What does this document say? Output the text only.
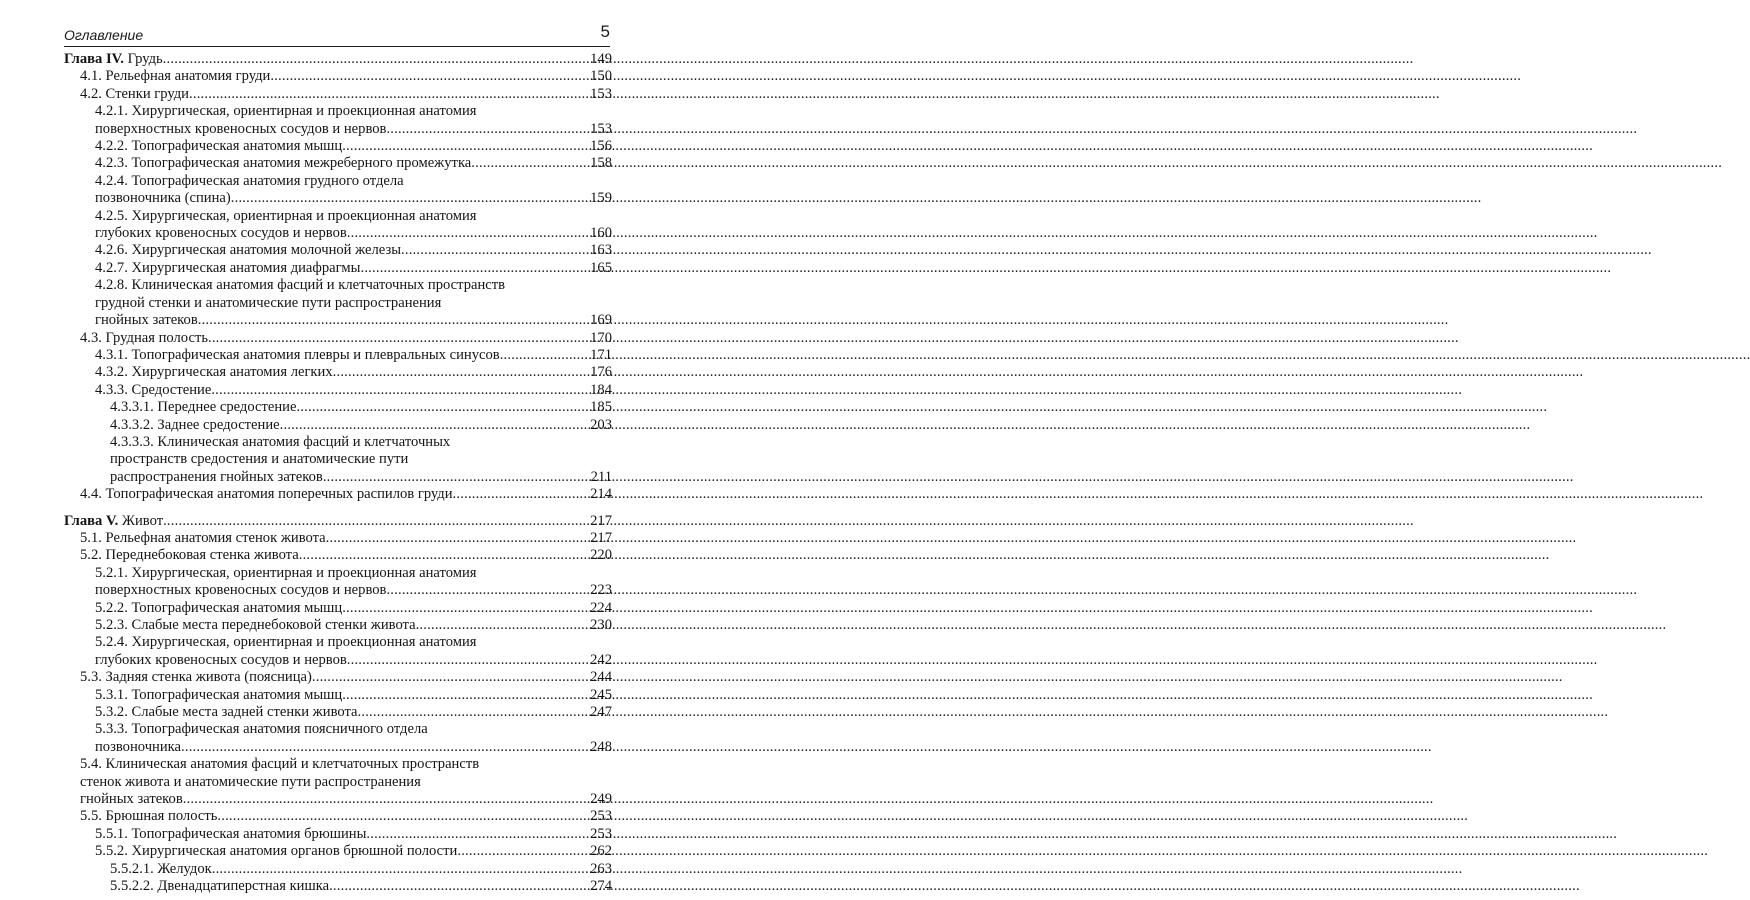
Оглавление	5
Глава IV. Грудь .....	149
4.1. Рельефная анатомия груди .....	150
4.2. Стенки груди .....	153
4.2.1. Хирургическая, ориентирная и проекционная анатомия
поверхностных кровеносных сосудов и нервов .....	153
4.2.2. Топографическая анатомия мышц .....	156
4.2.3. Топографическая анатомия межреберного промежутка .....	158
4.2.4. Топографическая анатомия грудного отдела
позвоночника (спина) .....	159
4.2.5. Хирургическая, ориентирная и проекционная анатомия
глубоких кровеносных сосудов и нервов .....	160
4.2.6. Хирургическая анатомия молочной железы .....	163
4.2.7. Хирургическая анатомия диафрагмы .....	165
4.2.8. Клиническая анатомия фасций и клетчаточных пространств
грудной стенки и анатомические пути распространения
гнойных затеков .....	169
4.3. Грудная полость .....	170
4.3.1. Топографическая анатомия плевры и плевральных синусов .....	171
4.3.2. Хирургическая анатомия легких .....	176
4.3.3. Средостение .....	184
4.3.3.1. Переднее средостение .....	185
4.3.3.2. Заднее средостение .....	203
4.3.3.3. Клиническая анатомия фасций и клетчаточных
пространств средостения и анатомические пути
распространения гнойных затеков .....	211
4.4. Топографическая анатомия поперечных распилов груди .....	214
Глава V. Живот .....	217
5.1. Рельефная анатомия стенок живота .....	217
5.2. Переднебоковая стенка живота .....	220
5.2.1. Хирургическая, ориентирная и проекционная анатомия
поверхностных кровеносных сосудов и нервов .....	223
5.2.2. Топографическая анатомия мышц .....	224
5.2.3. Слабые места переднебоковой стенки живота .....	230
5.2.4. Хирургическая, ориентирная и проекционная анатомия
глубоких кровеносных сосудов и нервов .....	242
5.3. Задняя стенка живота (поясница) .....	244
5.3.1. Топографическая анатомия мышц .....	245
5.3.2. Слабые места задней стенки живота .....	247
5.3.3. Топографическая анатомия поясничного отдела
позвоночника .....	248
5.4. Клиническая анатомия фасций и клетчаточных пространств
стенок живота и анатомические пути распространения
гнойных затеков .....	249
5.5. Брюшная полость .....	253
5.5.1. Топографическая анатомия брюшины .....	253
5.5.2. Хирургическая анатомия органов брюшной полости .....	262
5.5.2.1. Желудок .....	263
5.5.2.2. Двенадцатиперстная кишка .....	274
